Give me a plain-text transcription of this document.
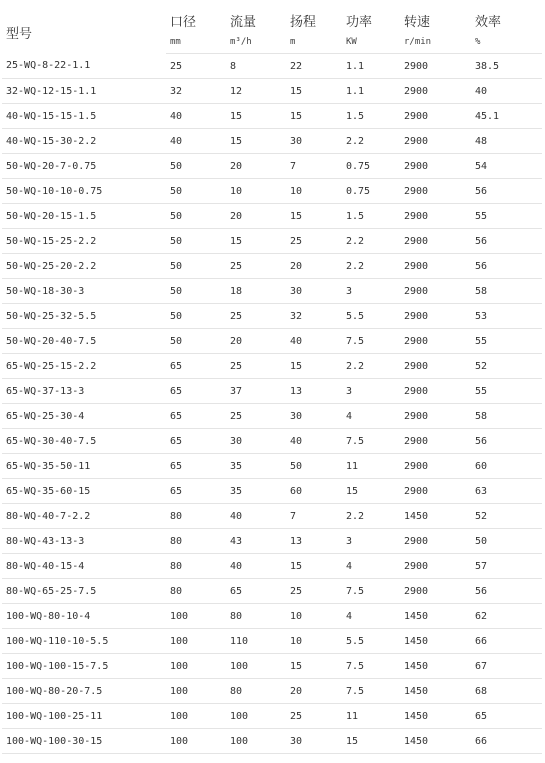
型号	口径	流量	扬程	功率	转速	效率
	mm	m³/h	m	KW	r/min	%
25-WQ-8-22-1.1	25	8	22	1.1	2900	38.5
32-WQ-12-15-1.1	32	12	15	1.1	2900	40
40-WQ-15-15-1.5	40	15	15	1.5	2900	45.1
40-WQ-15-30-2.2	40	15	30	2.2	2900	48
50-WQ-20-7-0.75	50	20	7	0.75	2900	54
50-WQ-10-10-0.75	50	10	10	0.75	2900	56
50-WQ-20-15-1.5	50	20	15	1.5	2900	55
50-WQ-15-25-2.2	50	15	25	2.2	2900	56
50-WQ-25-20-2.2	50	25	20	2.2	2900	56
50-WQ-18-30-3	50	18	30	3	2900	58
50-WQ-25-32-5.5	50	25	32	5.5	2900	53
50-WQ-20-40-7.5	50	20	40	7.5	2900	55
65-WQ-25-15-2.2	65	25	15	2.2	2900	52
65-WQ-37-13-3	65	37	13	3	2900	55
65-WQ-25-30-4	65	25	30	4	2900	58
65-WQ-30-40-7.5	65	30	40	7.5	2900	56
65-WQ-35-50-11	65	35	50	11	2900	60
65-WQ-35-60-15	65	35	60	15	2900	63
80-WQ-40-7-2.2	80	40	7	2.2	1450	52
80-WQ-43-13-3	80	43	13	3	2900	50
80-WQ-40-15-4	80	40	15	4	2900	57
80-WQ-65-25-7.5	80	65	25	7.5	2900	56
100-WQ-80-10-4	100	80	10	4	1450	62
100-WQ-110-10-5.5	100	110	10	5.5	1450	66
100-WQ-100-15-7.5	100	100	15	7.5	1450	67
100-WQ-80-20-7.5	100	80	20	7.5	1450	68
100-WQ-100-25-11	100	100	25	11	1450	65
100-WQ-100-30-15	100	100	30	15	1450	66
